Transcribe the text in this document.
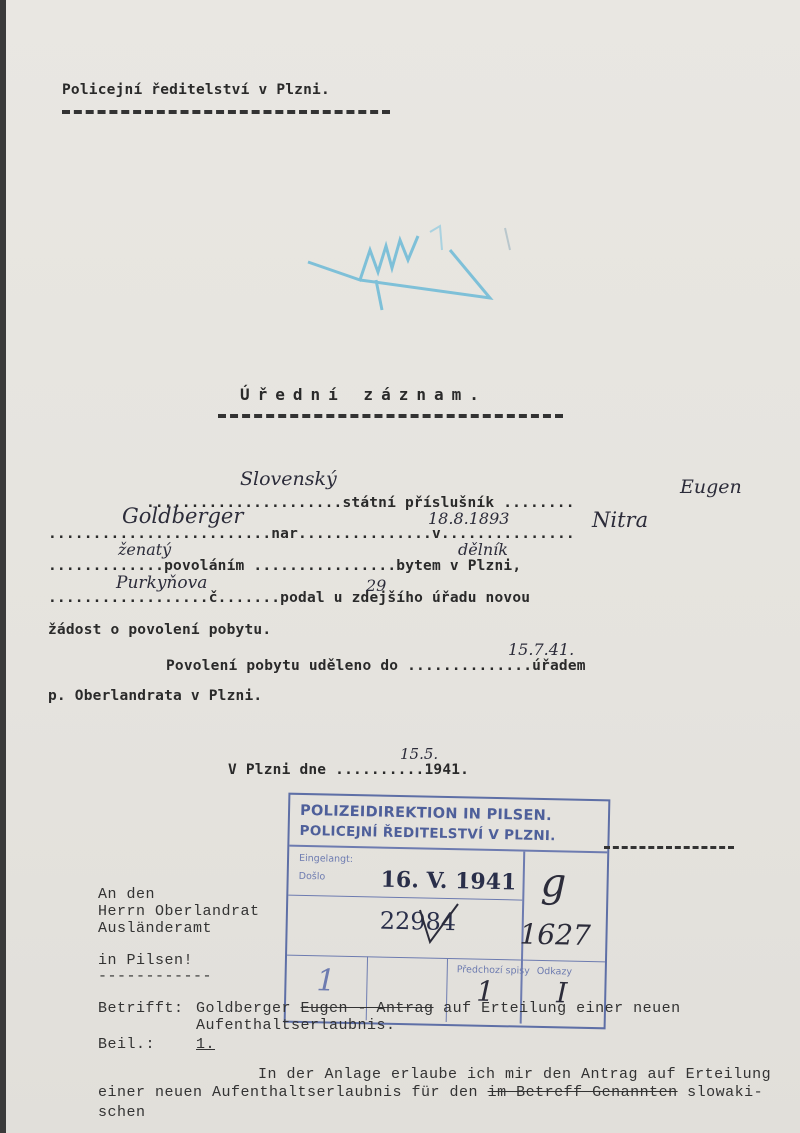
Policejní ředitelství v Plzni.
Úřední záznam.
......................státní příslušník ........
.........................nar...............v...............
.............povoláním ................bytem v Plzni,
..................č.......podal u zdejšího úřadu novou
žádost o povolení pobytu.
Povolení pobytu uděleno do ..............úřadem
p. Oberlandrata v Plzni.
V Plzni dne ..........1941.
Slovenský	Eugen
Goldberger	18.8.1893	Nitra
ženatý	dělník
Purkyňova	29
15.7.41.
15.5.
POLIZEIDIREKTION IN PILSEN.
POLICEJNÍ ŘEDITELSTVÍ V PLZNI.
Eingelangt:
Došlo	16. V. 1941
22984
Předchozí spisy Odkazy
g
1627
1	1 I
An den
Herrn Oberlandrat
Ausländeramt
in Pilsen!
------------
Betrifft: Goldberger Eugen - Antrag auf Erteilung einer neuen
Aufenthaltserlaubnis.
Beil.:	1.
In der Anlage erlaube ich mir den Antrag auf Erteilung
einer neuen Aufenthaltserlaubnis für den im Betreff Genannten slowaki-
schen
